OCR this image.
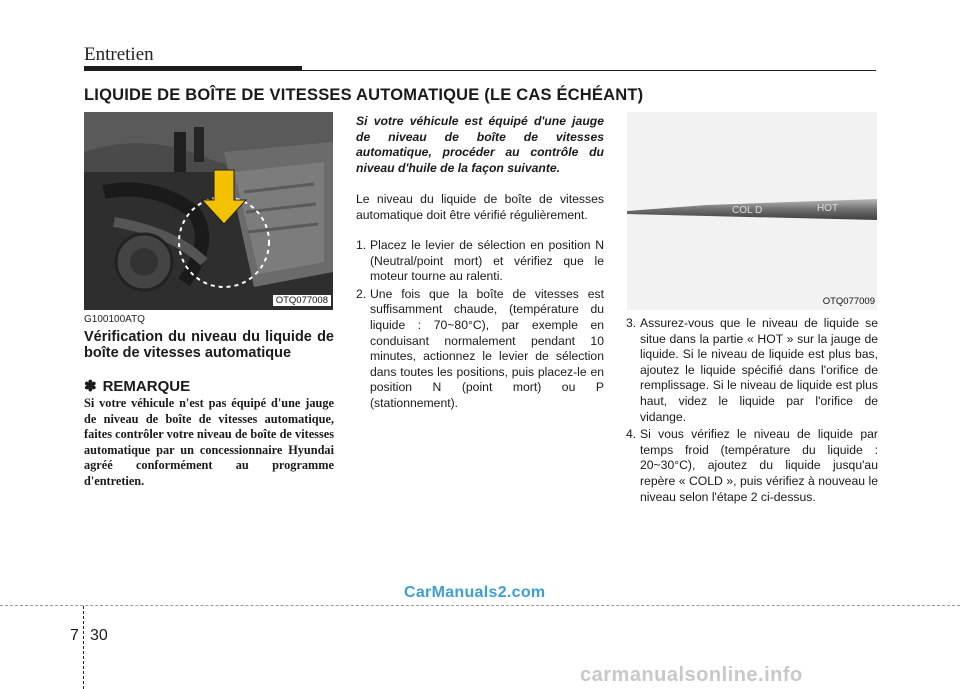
Entretien
LIQUIDE DE BOÎTE DE VITESSES AUTOMATIQUE (LE CAS ÉCHÉANT)
OTQ077008
G100100ATQ
Vérification du niveau du liquide de boîte de vitesses automatique
✽ REMARQUE
Si votre véhicule n'est pas équipé d'une jauge de niveau de boîte de vitesses automatique, faites contrôler votre niveau de boîte de vitesses automatique par un concessionnaire Hyundai agréé conformément au programme d'entretien.
Si votre véhicule est équipé d'une jauge de niveau de boîte de vitesses automatique, procéder au contrôle du niveau d'huile de la façon suivante.
Le niveau du liquide de boîte de vitesses automatique doit être vérifié régulièrement.
1. Placez le levier de sélection en position N (Neutral/point mort) et vérifiez que le moteur tourne au ralenti.
2. Une fois que la boîte de vitesses est suffisamment chaude, (température du liquide : 70~80°C), par exemple en conduisant normalement pendant 10 minutes, actionnez le levier de sélection dans toutes les positions, puis placez-le en position N (point mort) ou P (stationnement).
COL D	HOT
OTQ077009
3. Assurez-vous que le niveau de liquide se situe dans la partie « HOT » sur la jauge de liquide. Si le niveau de liquide est plus bas, ajoutez le liquide spécifié dans l'orifice de remplissage. Si le niveau de liquide est plus haut, videz le liquide par l'orifice de vidange.
4. Si vous vérifiez le niveau de liquide par temps froid (température du liquide : 20~30°C), ajoutez du liquide jusqu'au repère « COLD », puis vérifiez à nouveau le niveau selon l'étape 2 ci-dessus.
CarManuals2.com
7 30
carmanualsonline.info
